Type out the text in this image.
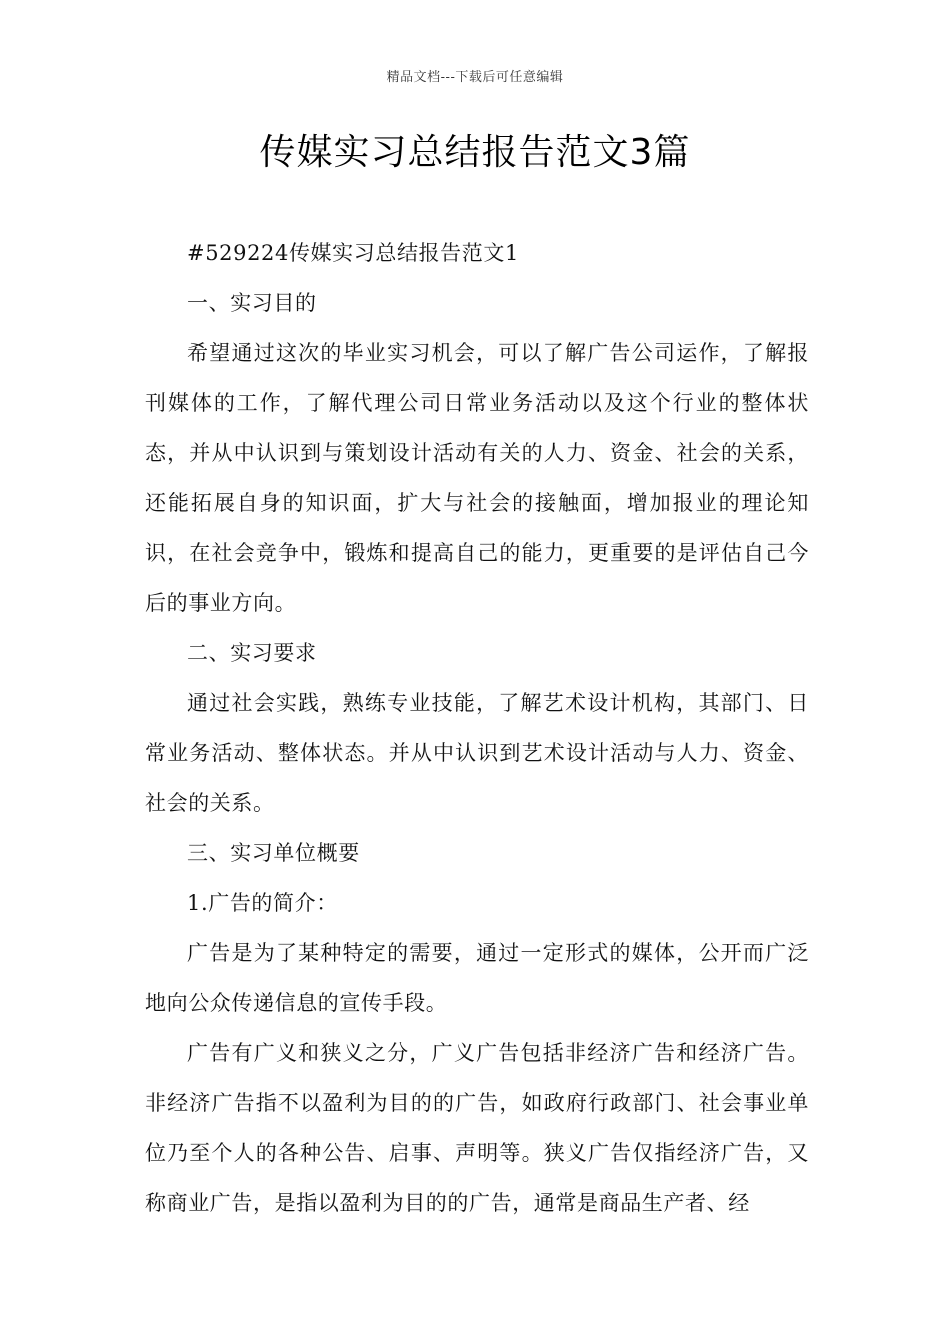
精品文档---下载后可任意编辑
传媒实习总结报告范文3篇

#529224传媒实习总结报告范文1

一、实习目的

希望通过这次的毕业实习机会，可以了解广告公司运作，了解报刊媒体的工作，了解代理公司日常业务活动以及这个行业的整体状态，并从中认识到与策划设计活动有关的人力、资金、社会的关系，还能拓展自身的知识面，扩大与社会的接触面，增加报业的理论知识，在社会竞争中，锻炼和提高自己的能力，更重要的是评估自己今后的事业方向。

二、实习要求

通过社会实践，熟练专业技能，了解艺术设计机构，其部门、日常业务活动、整体状态。并从中认识到艺术设计活动与人力、资金、社会的关系。

三、实习单位概要

1.广告的简介：

广告是为了某种特定的需要，通过一定形式的媒体，公开而广泛地向公众传递信息的宣传手段。

广告有广义和狭义之分，广义广告包括非经济广告和经济广告。非经济广告指不以盈利为目的的广告，如政府行政部门、社会事业单位乃至个人的各种公告、启事、声明等。狭义广告仅指经济广告，又称商业广告，是指以盈利为目的的广告，通常是商品生产者、经
